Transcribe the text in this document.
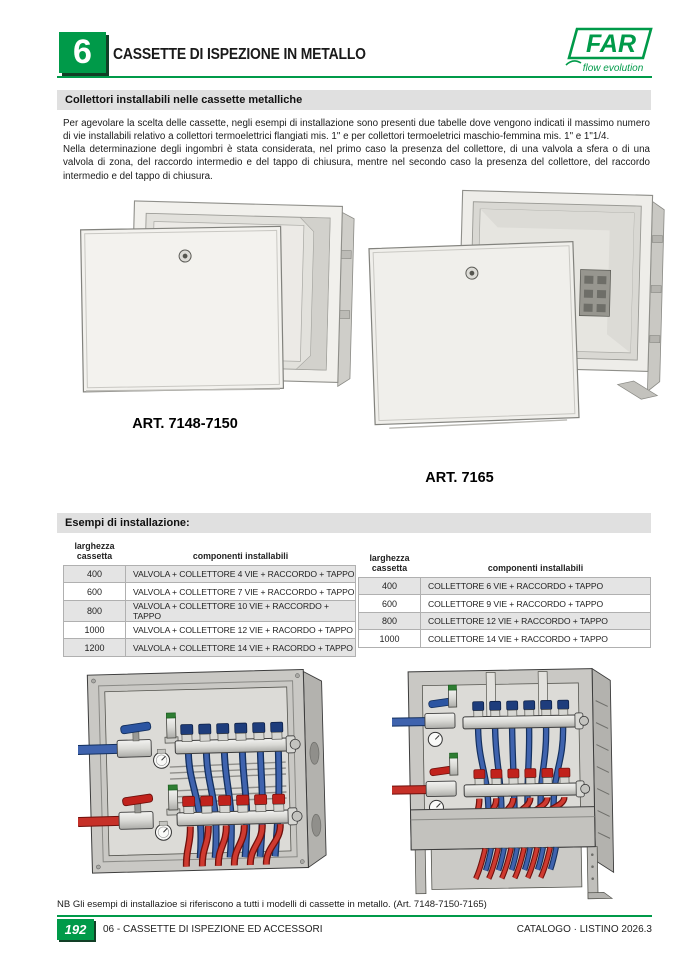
6	CASSETTE DI ISPEZIONE IN METALLO	FAR
flow evolution
Collettori installabili nelle cassette metalliche
Per agevolare la scelta delle cassette, negli esempi di installazione sono presenti due tabelle dove vengono indicati il massimo numero di vie installabili relativo a collettori termoelettrici flangiati mis. 1" e per collettori termoeletrici maschio-femmina mis. 1" e 1"1/4.
Nella determinazione degli ingombri è stata considerata, nel primo caso la presenza del collettore, di una valvola a sfera o di una valvola di zona, del raccordo intermedio e del tappo di chiusura, mentre nel secondo caso la presenza del collettore, del raccordo intermedio e del tappo di chiusura.
ART. 7148-7150
ART. 7165
Esempi di installazione:
larghezza cassetta	componenti installabili
400	VALVOLA + COLLETTORE 4 VIE + RACCORDO + TAPPO
600	VALVOLA + COLLETTORE 7 VIE + RACCORDO + TAPPO
800	VALVOLA + COLLETTORE 10 VIE + RACCORDO + TAPPO
1000	VALVOLA + COLLETTORE 12 VIE + RACORDO + TAPPO
1200	VALVOLA + COLLETTORE 14 VIE + RACORDO + TAPPO
larghezza cassetta	componenti installabili
400	COLLETTORE 6 VIE + RACCORDO + TAPPO
600	COLLETTORE 9 VIE + RACCORDO + TAPPO
800	COLLETTORE 12 VIE + RACCORDO + TAPPO
1000	COLLETTORE 14 VIE + RACCORDO + TAPPO
NB Gli esempi di installazioe si riferiscono a tutti i modelli di cassette in metallo. (Art. 7148-7150-7165)
192	06 - CASSETTE DI ISPEZIONE ED ACCESSORI	CATALOGO · LISTINO 2026.3
